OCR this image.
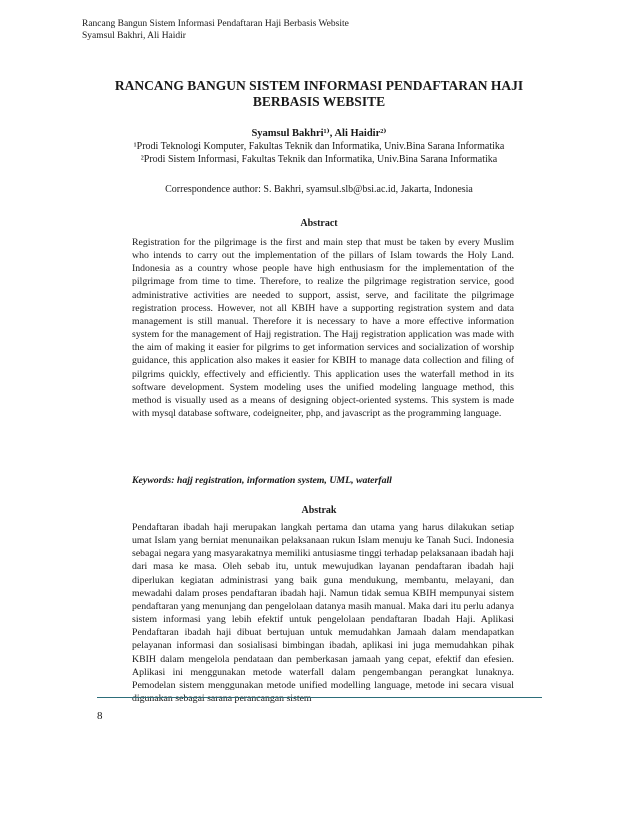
Rancang Bangun Sistem Informasi Pendaftaran Haji Berbasis Website
Syamsul Bakhri, Ali Haidir
RANCANG BANGUN SISTEM INFORMASI PENDAFTARAN HAJI BERBASIS WEBSITE
Syamsul Bakhri¹⁾, Ali Haidir²⁾
¹Prodi Teknologi Komputer, Fakultas Teknik dan Informatika, Univ.Bina Sarana Informatika
²Prodi Sistem Informasi, Fakultas Teknik dan Informatika, Univ.Bina Sarana Informatika
Correspondence author: S. Bakhri, syamsul.slb@bsi.ac.id, Jakarta, Indonesia
Abstract

Registration for the pilgrimage is the first and main step that must be taken by every Muslim who intends to carry out the implementation of the pillars of Islam towards the Holy Land. Indonesia as a country whose people have high enthusiasm for the implementation of the pilgrimage from time to time. Therefore, to realize the pilgrimage registration service, good administrative activities are needed to support, assist, serve, and facilitate the pilgrimage registration process. However, not all KBIH have a supporting registration system and data management is still manual. Therefore it is necessary to have a more effective information system for the management of Hajj registration. The Hajj registration application was made with the aim of making it easier for pilgrims to get information services and socialization of worship guidance, this application also makes it easier for KBIH to manage data collection and filing of pilgrims quickly, effectively and efficiently. This application uses the waterfall method in its software development. System modeling uses the unified modeling language method, this method is visually used as a means of designing object-oriented systems. This system is made with mysql database software, codeigneiter, php, and javascript as the programming language.

Keywords: hajj registration, information system, UML, waterfall
Abstrak

Pendaftaran ibadah haji merupakan langkah pertama dan utama yang harus dilakukan setiap umat Islam yang berniat menunaikan pelaksanaan rukun Islam menuju ke Tanah Suci. Indonesia sebagai negara yang masyarakatnya memiliki antusiasme tinggi terhadap pelaksanaan ibadah haji dari masa ke masa. Oleh sebab itu, untuk mewujudkan layanan pendaftaran ibadah haji diperlukan kegiatan administrasi yang baik guna mendukung, membantu, melayani, dan mewadahi dalam proses pendaftaran ibadah haji. Namun tidak semua KBIH mempunyai sistem pendaftaran yang menunjang dan pengelolaan datanya masih manual. Maka dari itu perlu adanya sistem informasi yang lebih efektif untuk pengelolaan pendaftaran Ibadah Haji. Aplikasi Pendaftaran ibadah haji dibuat bertujuan untuk memudahkan Jamaah dalam mendapatkan pelayanan informasi dan sosialisasi bimbingan ibadah, aplikasi ini juga memudahkan pihak KBIH dalam mengelola pendataan dan pemberkasan jamaah yang cepat, efektif dan efesien. Aplikasi ini menggunakan metode waterfall dalam pengembangan perangkat lunaknya. Pemodelan sistem menggunakan metode unified modelling language, metode ini secara visual digunakan sebagai sarana perancangan sistem

8
